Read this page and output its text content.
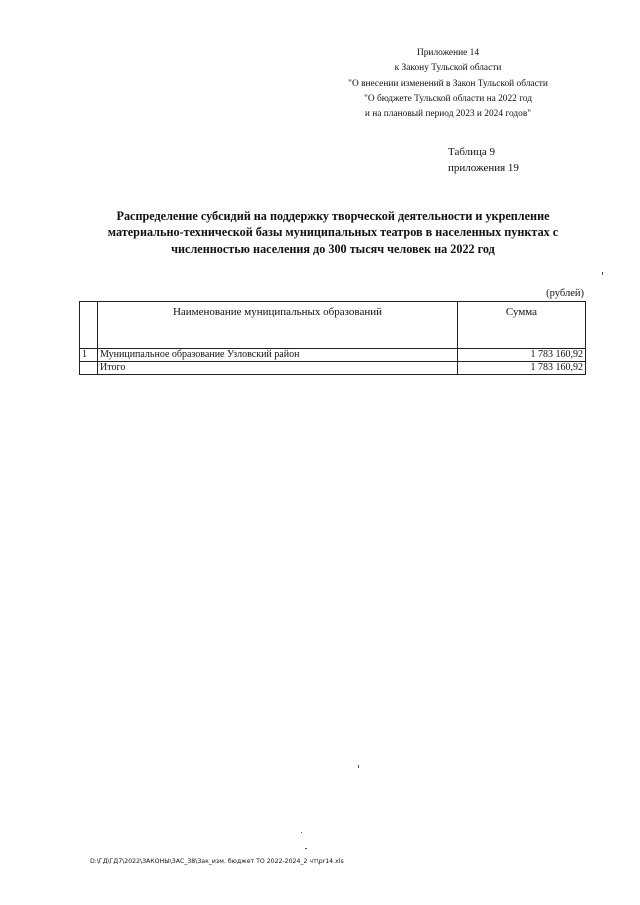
Приложение 14
к Закону Тульской области
"О внесении изменений в Закон Тульской области
"О бюджете Тульской области на 2022 год
и на плановый период 2023 и 2024 годов"
Таблица 9
приложения 19
Распределение субсидий на поддержку творческой деятельности и укрепление
материально-технической базы муниципальных театров в населенных пунктах с
численностью населения до 300 тысяч человек на 2022 год
(рублей)
	Наименование муниципальных образований	Сумма
1	Муниципальное образование Узловский район	1 783 160,92
	Итого	1 783 160,92
D:\ГД\ГД7\2022\ЗАКОНЫ\ЗАС_38\Зак_изм. бюджет ТО 2022-2024_2 чт\pr14.xls
